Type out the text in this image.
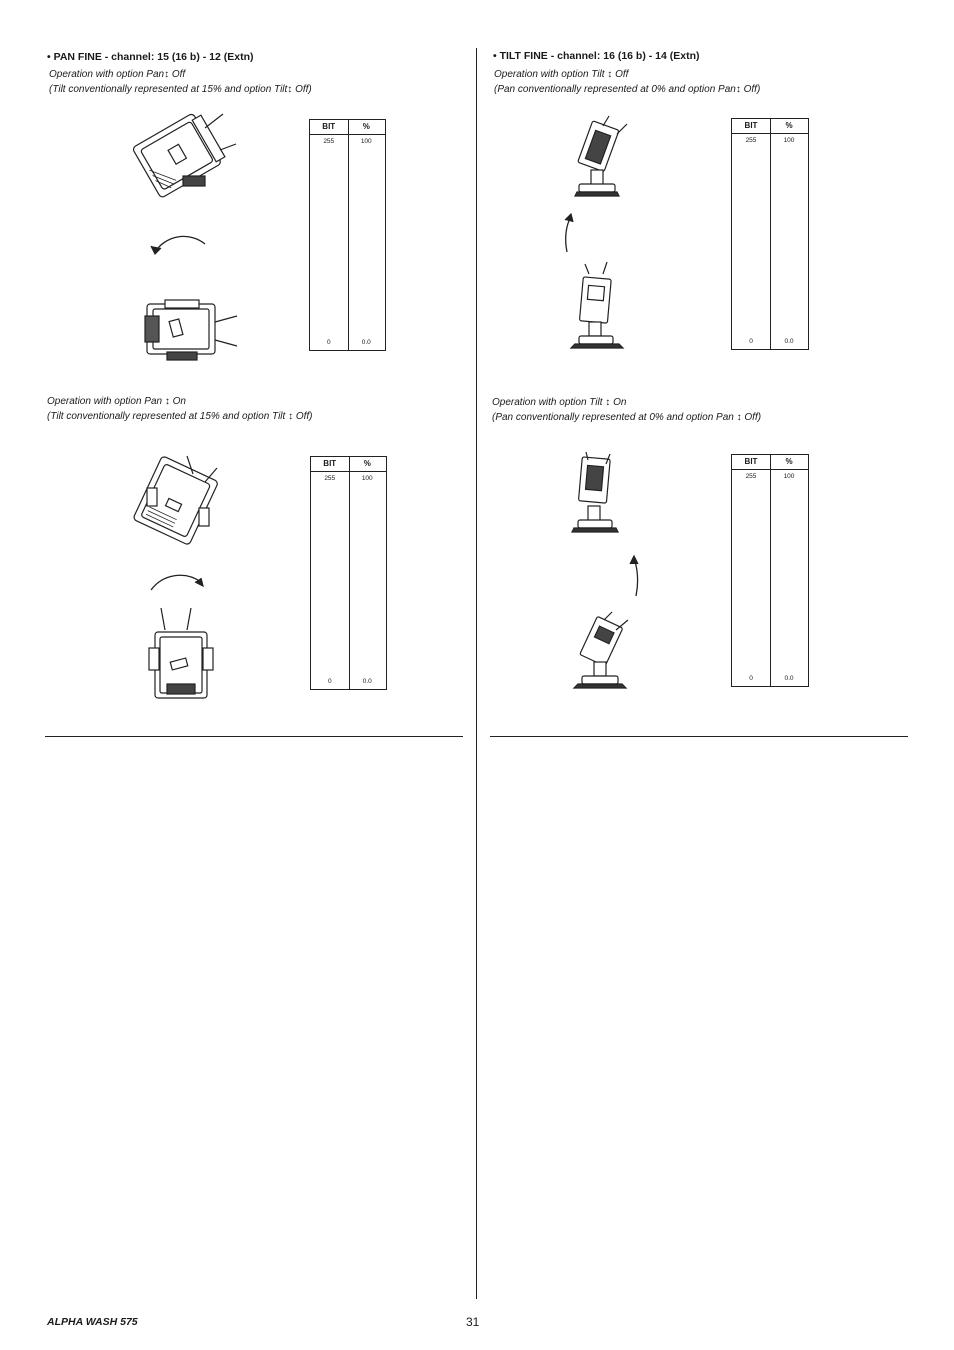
• PAN FINE - channel: 15 (16 b) - 12 (Extn)
Operation with option Pan↕ Off
(Tilt conventionally represented at 15% and option Tilt↕ Off)
BIT	%
255	100
0	0.0
Operation with option Pan ↕ On
(Tilt conventionally represented at 15% and option Tilt ↕ Off)
BIT	%
255	100
0	0.0
• TILT FINE - channel: 16 (16 b) - 14 (Extn)
Operation with option Tilt ↕ Off
(Pan conventionally represented at 0% and option Pan↕ Off)
BIT	%
255	100
0	0.0
Operation with option Tilt ↕ On
(Pan conventionally represented at 0% and option Pan ↕ Off)
BIT	%
255	100
0	0.0
ALPHA WASH 575	31
